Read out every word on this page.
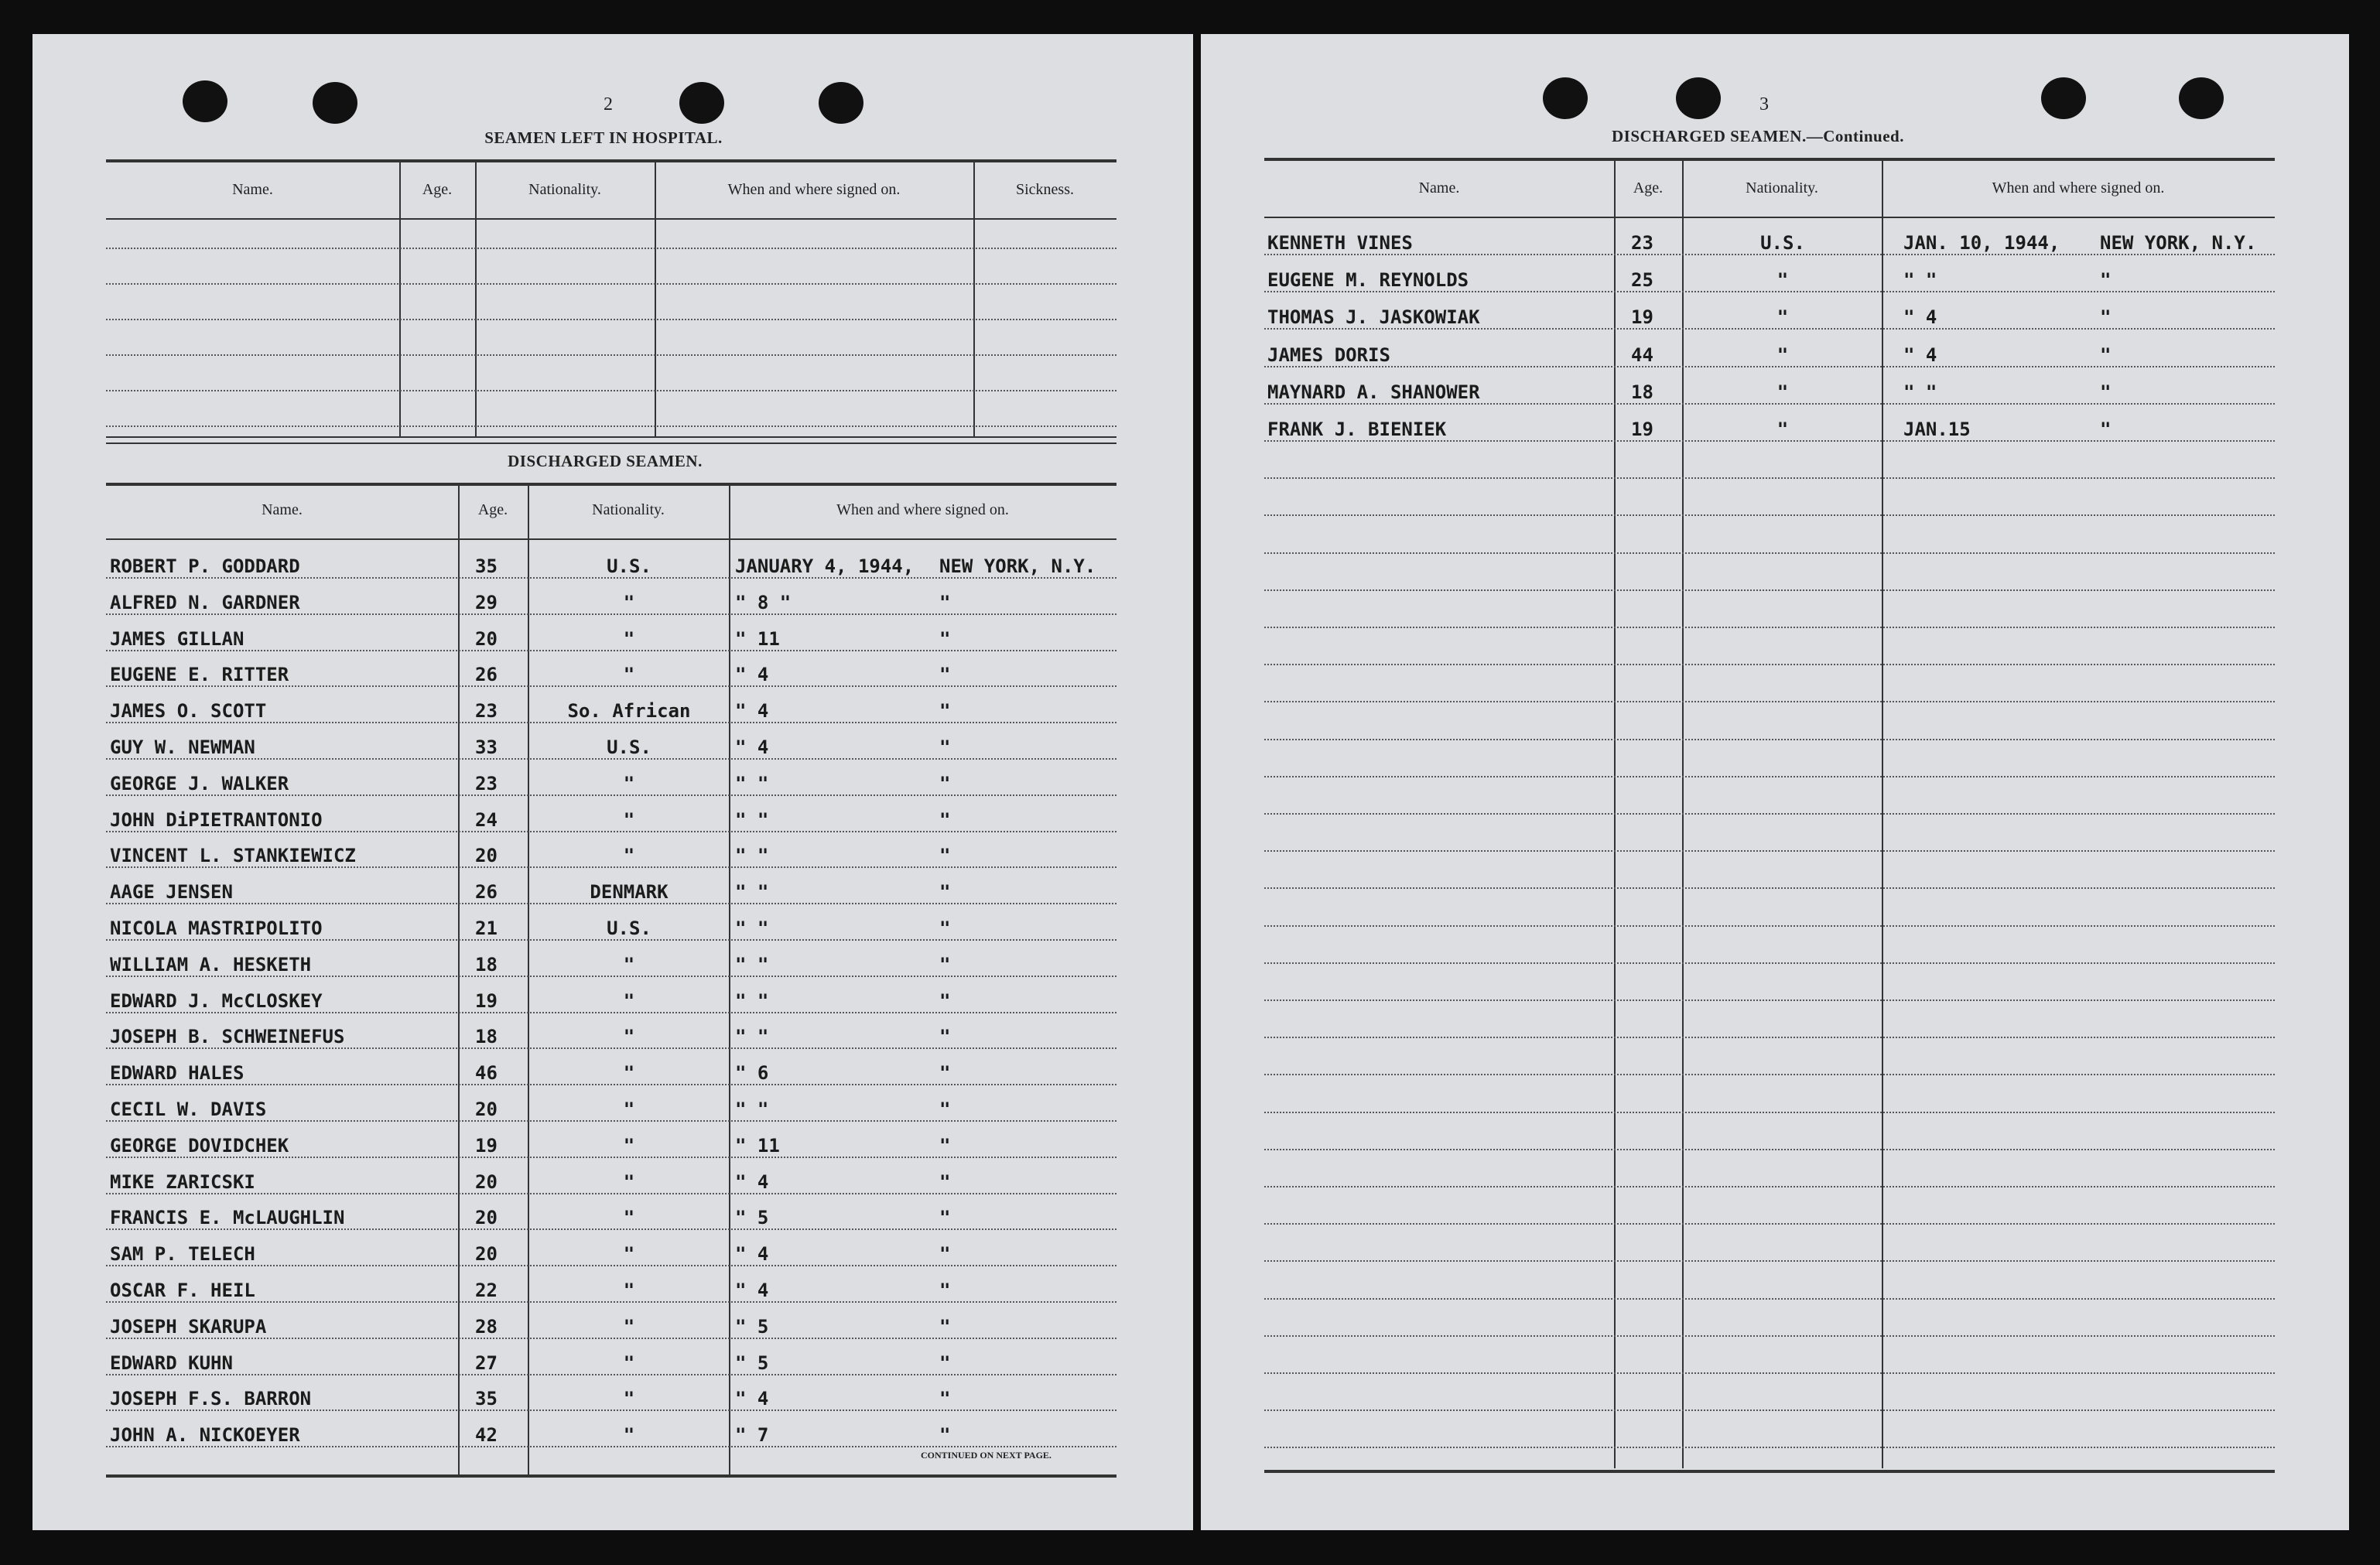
2
SEAMEN LEFT IN HOSPITAL.
Name.	Age.	Nationality.	When and where signed on.	Sickness.
DISCHARGED SEAMEN.
Name.	Age.	Nationality.	When and where signed on.
CONTINUED ON NEXT PAGE.
ROBERT P. GODDARD	35	U.S.	JANUARY 4, 1944, NEW YORK, N.Y.
ALFRED N. GARDNER	29	"	" 8 "	"
JAMES GILLAN	20	"	" 11	"
EUGENE E. RITTER	26	"	" 4	"
JAMES O. SCOTT	23	So. African	" 4	"
GUY W. NEWMAN	33	U.S.	" 4	"
GEORGE J. WALKER	23	"	" "	"
JOHN DiPIETRANTONIO	24	"	" "	"
VINCENT L. STANKIEWICZ	20	"	" "	"
AAGE JENSEN	26	DENMARK	" "	"
NICOLA MASTRIPOLITO	21	U.S.	" "	"
WILLIAM A. HESKETH	18	"	" "	"
EDWARD J. McCLOSKEY	19	"	" "	"
JOSEPH B. SCHWEINEFUS	18	"	" "	"
EDWARD HALES	46	"	" 6	"
CECIL W. DAVIS	20	"	" "	"
GEORGE DOVIDCHEK	19	"	" 11	"
MIKE ZARICSKI	20	"	" 4	"
FRANCIS E. McLAUGHLIN	20	"	" 5	"
SAM P. TELECH	20	"	" 4	"
OSCAR F. HEIL	22	"	" 4	"
JOSEPH SKARUPA	28	"	" 5	"
EDWARD KUHN	27	"	" 5	"
JOSEPH F.S. BARRON	35	"	" 4	"
JOHN A. NICKOEYER	42	"	" 7	"
3
DISCHARGED SEAMEN.—Continued.
Name.	Age.	Nationality.	When and where signed on.
KENNETH VINES	23	U.S.	JAN. 10, 1944, NEW YORK, N.Y.
EUGENE M. REYNOLDS	25	"	" "	"
THOMAS J. JASKOWIAK	19	"	" 4	"
JAMES DORIS	44	"	" 4	"
MAYNARD A. SHANOWER	18	"	" "	"
FRANK J. BIENIEK	19	"	JAN.15	"
